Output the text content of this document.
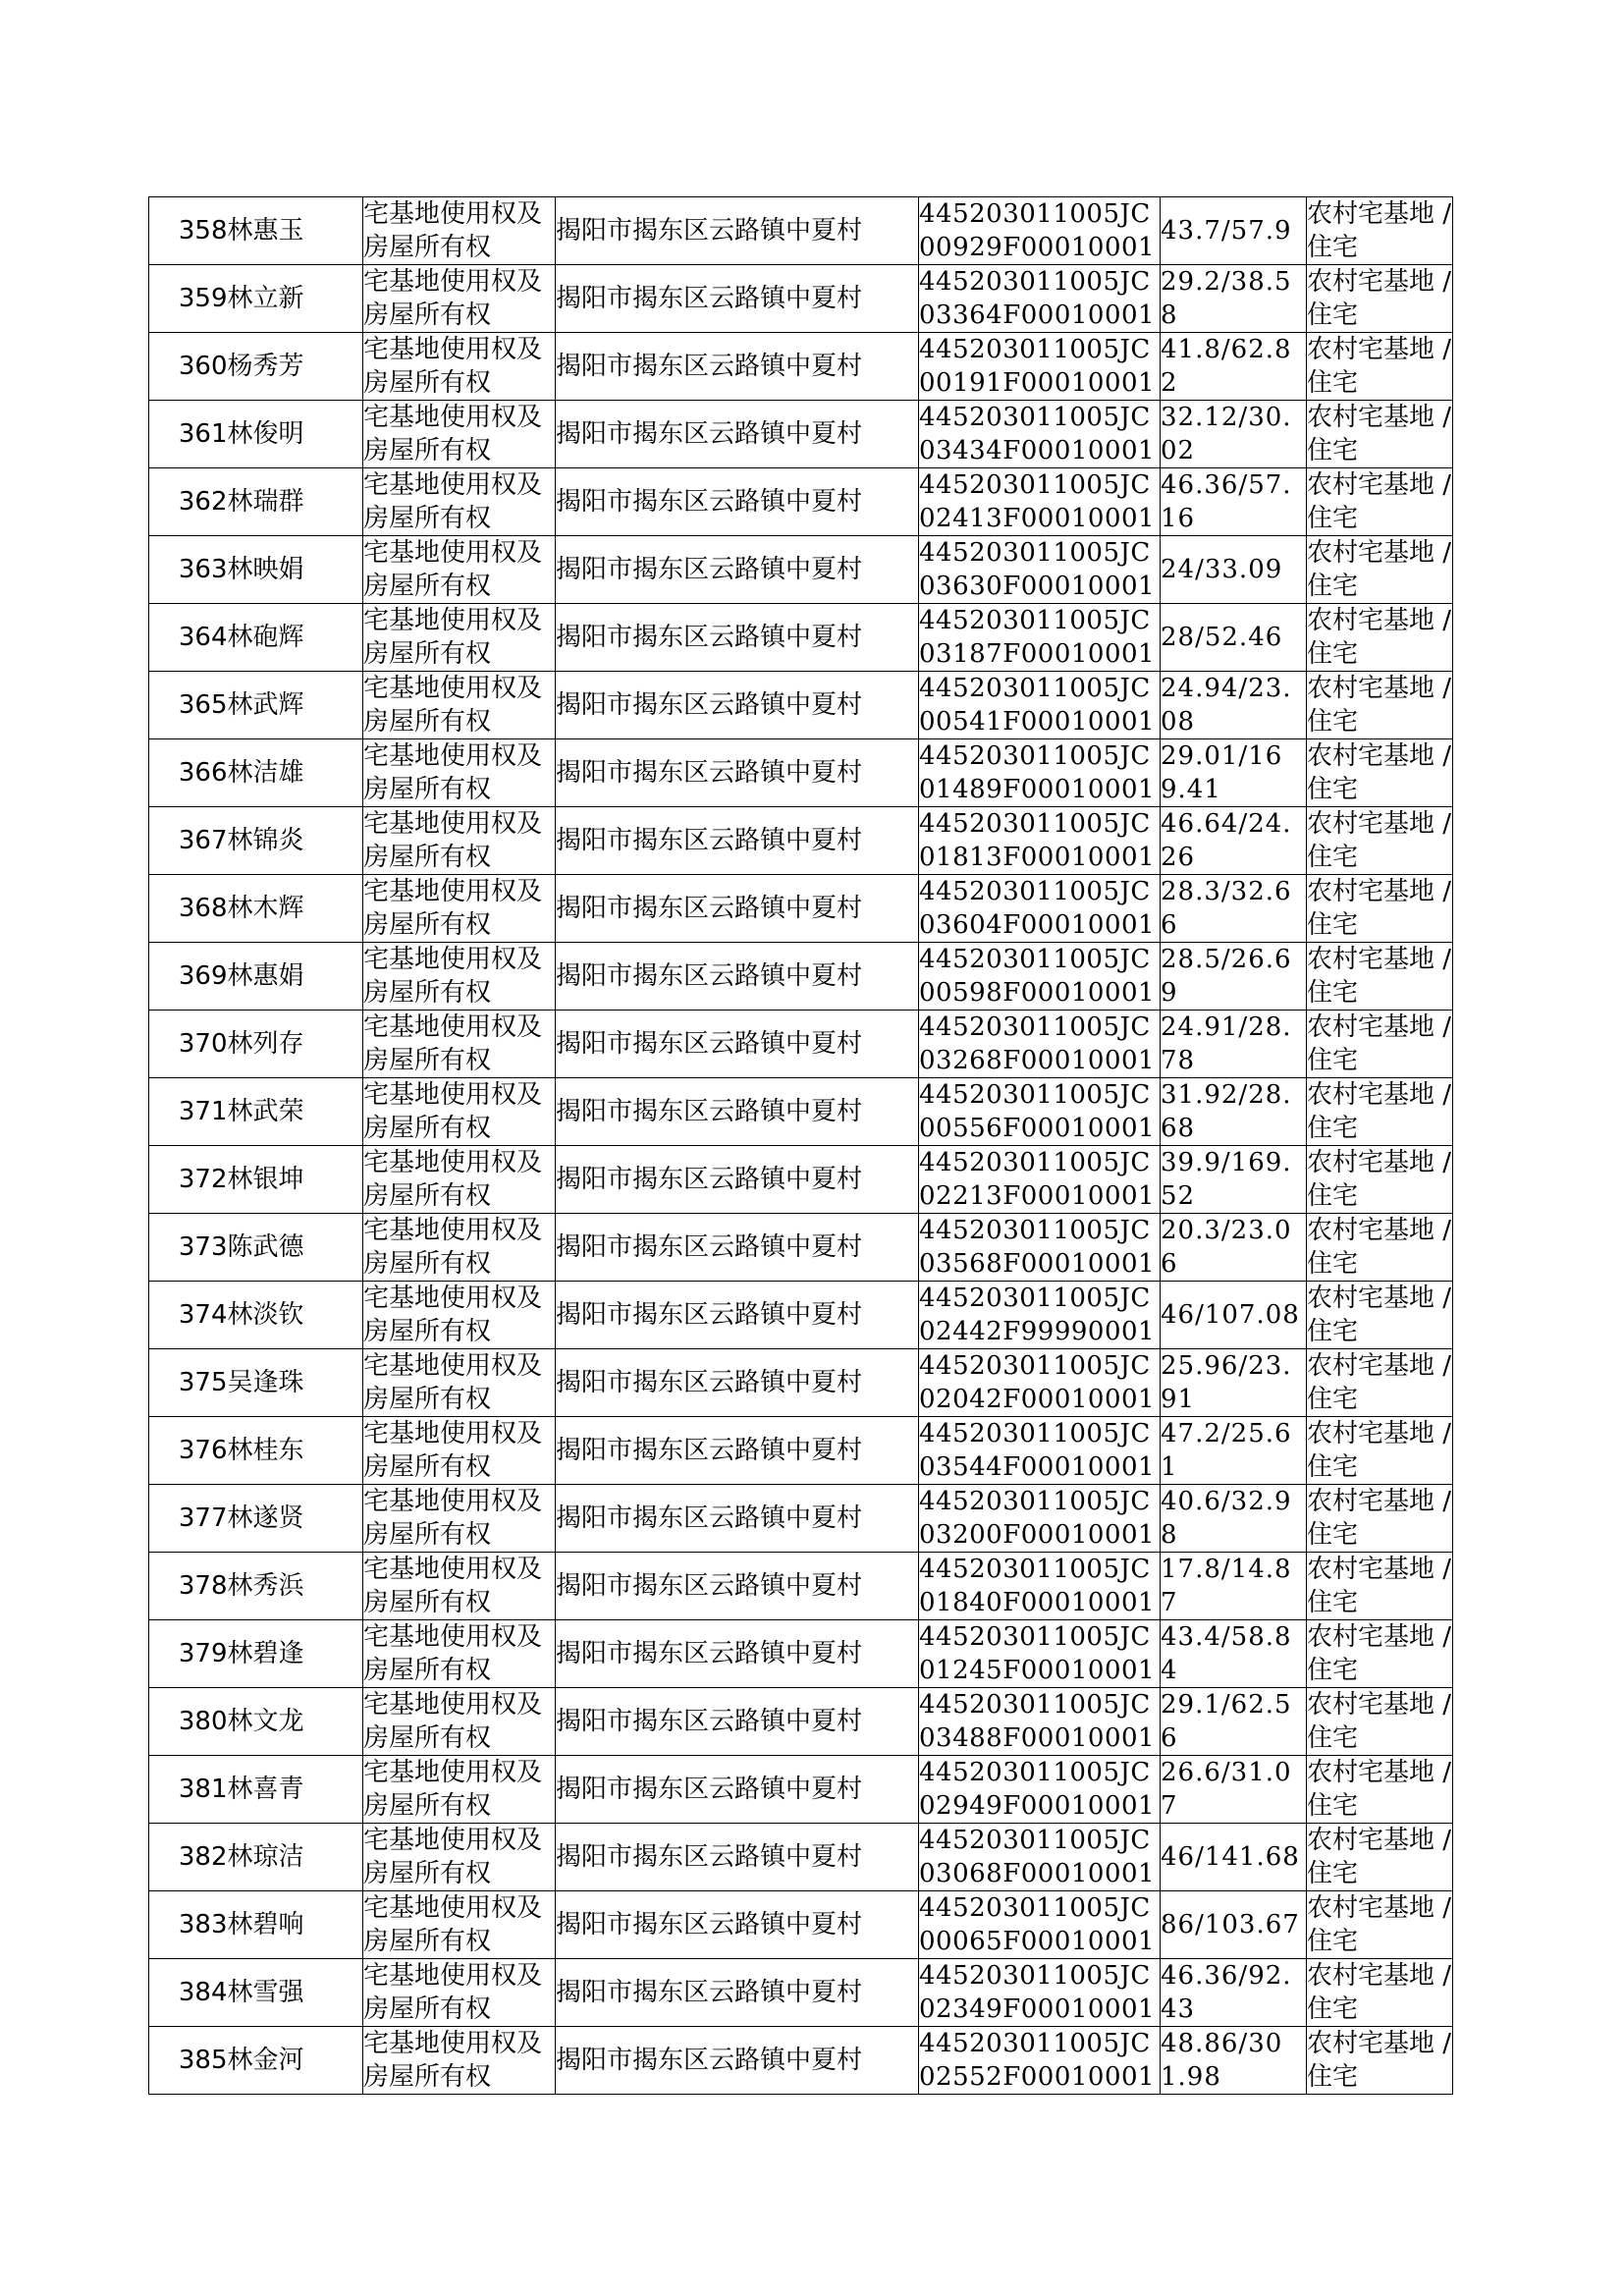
358	林惠玉	宅基地使用权及房屋所有权	揭阳市揭东区云路镇中夏村	445203011005JC00929F00010001	43.7/57.9	农村宅基地 / 住宅

359	林立新	宅基地使用权及房屋所有权	揭阳市揭东区云路镇中夏村	445203011005JC03364F00010001	29.2/38.58	农村宅基地 / 住宅

360	杨秀芳	宅基地使用权及房屋所有权	揭阳市揭东区云路镇中夏村	445203011005JC00191F00010001	41.8/62.82	农村宅基地 / 住宅

361	林俊明	宅基地使用权及房屋所有权	揭阳市揭东区云路镇中夏村	445203011005JC03434F00010001	32.12/30.02	农村宅基地 / 住宅

362	林瑞群	宅基地使用权及房屋所有权	揭阳市揭东区云路镇中夏村	445203011005JC02413F00010001	46.36/57.16	农村宅基地 / 住宅

363	林映娟	宅基地使用权及房屋所有权	揭阳市揭东区云路镇中夏村	445203011005JC03630F00010001	24/33.09	农村宅基地 / 住宅

364	林砲辉	宅基地使用权及房屋所有权	揭阳市揭东区云路镇中夏村	445203011005JC03187F00010001	28/52.46	农村宅基地 / 住宅

365	林武辉	宅基地使用权及房屋所有权	揭阳市揭东区云路镇中夏村	445203011005JC00541F00010001	24.94/23.08	农村宅基地 / 住宅

366	林洁雄	宅基地使用权及房屋所有权	揭阳市揭东区云路镇中夏村	445203011005JC01489F00010001	29.01/169.41	农村宅基地 / 住宅

367	林锦炎	宅基地使用权及房屋所有权	揭阳市揭东区云路镇中夏村	445203011005JC01813F00010001	46.64/24.26	农村宅基地 / 住宅

368	林木辉	宅基地使用权及房屋所有权	揭阳市揭东区云路镇中夏村	445203011005JC03604F00010001	28.3/32.66	农村宅基地 / 住宅

369	林惠娟	宅基地使用权及房屋所有权	揭阳市揭东区云路镇中夏村	445203011005JC00598F00010001	28.5/26.69	农村宅基地 / 住宅

370	林列存	宅基地使用权及房屋所有权	揭阳市揭东区云路镇中夏村	445203011005JC03268F00010001	24.91/28.78	农村宅基地 / 住宅

371	林武荣	宅基地使用权及房屋所有权	揭阳市揭东区云路镇中夏村	445203011005JC00556F00010001	31.92/28.68	农村宅基地 / 住宅

372	林银坤	宅基地使用权及房屋所有权	揭阳市揭东区云路镇中夏村	445203011005JC02213F00010001	39.9/169.52	农村宅基地 / 住宅

373	陈武德	宅基地使用权及房屋所有权	揭阳市揭东区云路镇中夏村	445203011005JC03568F00010001	20.3/23.06	农村宅基地 / 住宅

374	林淡钦	宅基地使用权及房屋所有权	揭阳市揭东区云路镇中夏村	445203011005JC02442F99990001	46/107.08	农村宅基地 / 住宅

375	吴逢珠	宅基地使用权及房屋所有权	揭阳市揭东区云路镇中夏村	445203011005JC02042F00010001	25.96/23.91	农村宅基地 / 住宅

376	林桂东	宅基地使用权及房屋所有权	揭阳市揭东区云路镇中夏村	445203011005JC03544F00010001	47.2/25.61	农村宅基地 / 住宅

377	林遂贤	宅基地使用权及房屋所有权	揭阳市揭东区云路镇中夏村	445203011005JC03200F00010001	40.6/32.98	农村宅基地 / 住宅

378	林秀浜	宅基地使用权及房屋所有权	揭阳市揭东区云路镇中夏村	445203011005JC01840F00010001	17.8/14.87	农村宅基地 / 住宅

379	林碧逢	宅基地使用权及房屋所有权	揭阳市揭东区云路镇中夏村	445203011005JC01245F00010001	43.4/58.84	农村宅基地 / 住宅

380	林文龙	宅基地使用权及房屋所有权	揭阳市揭东区云路镇中夏村	445203011005JC03488F00010001	29.1/62.56	农村宅基地 / 住宅

381	林喜青	宅基地使用权及房屋所有权	揭阳市揭东区云路镇中夏村	445203011005JC02949F00010001	26.6/31.07	农村宅基地 / 住宅

382	林琼洁	宅基地使用权及房屋所有权	揭阳市揭东区云路镇中夏村	445203011005JC03068F00010001	46/141.68	农村宅基地 / 住宅

383	林碧响	宅基地使用权及房屋所有权	揭阳市揭东区云路镇中夏村	445203011005JC00065F00010001	86/103.67	农村宅基地 / 住宅

384	林雪强	宅基地使用权及房屋所有权	揭阳市揭东区云路镇中夏村	445203011005JC02349F00010001	46.36/92.43	农村宅基地 / 住宅

385	林金河	宅基地使用权及房屋所有权	揭阳市揭东区云路镇中夏村	445203011005JC02552F00010001	48.86/301.98	农村宅基地 / 住宅
